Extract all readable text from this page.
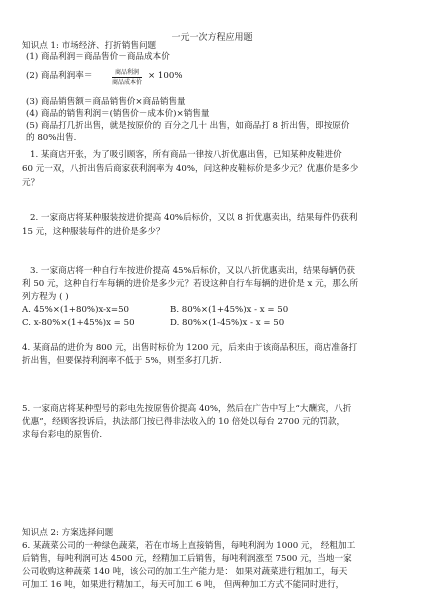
一元一次方程应用题
知识点 1: 市场经济、打折销售问题
(1) 商品利润＝商品售价－商品成本价
(2) 商品利润率＝	商品利润
商品成本价
× 100%
(3) 商品销售额＝商品销售价×商品销售量
(4) 商品的销售利润＝(销售价－成本价)×销售量
(5) 商品打几折出售，就是按原价的 百分之几十 出售，如商品打 8 折出售，即按原价
的 80%出售.
1. 某商店开张，为了吸引顾客，所有商品一律按八折优惠出售，已知某种皮鞋进价
60 元一双，八折出售后商家获利润率为 40%，问这种皮鞋标价是多少元？优惠价是多少
元？
2. 一家商店将某种服装按进价提高 40%后标价，又以 8 折优惠卖出，结果每件仍获利
15 元，这种服装每件的进价是多少？
3. 一家商店将一种自行车按进价提高 45%后标价，又以八折优惠卖出，结果每辆仍获
利 50 元，这种自行车每辆的进价是多少元？若设这种自行车每辆的进价是 x 元，那么所
列方程为 ( )
A. 45%×(1+80%)x-x=50	B. 80%×(1+45%)x - x = 50
C. x-80%×(1+45%)x = 50	D. 80%×(1-45%)x - x = 50
4. 某商品的进价为 800 元，出售时标价为 1200 元，后来由于该商品积压，商店准备打
折出售，但要保持利润率不低于 5%，则至多打几折.
5. 一家商店将某种型号的彩电先按原售价提高 40%，然后在广告中写上“大酬宾，八折
优惠”，经顾客投诉后，执法部门按已得非法收入的 10 倍处以每台 2700 元的罚款，
求每台彩电的原售价.
知识点 2: 方案选择问题
6. 某蔬菜公司的一种绿色蔬菜，若在市场上直接销售，每吨利润为 1000 元， 经粗加工
后销售，每吨利润可达 4500 元，经精加工后销售，每吨利润涨至 7500 元，当地一家
公司收购这种蔬菜 140 吨，该公司的加工生产能力是： 如果对蔬菜进行粗加工，每天
可加工 16 吨，如果进行精加工，每天可加工 6 吨， 但两种加工方式不能同时进行，
